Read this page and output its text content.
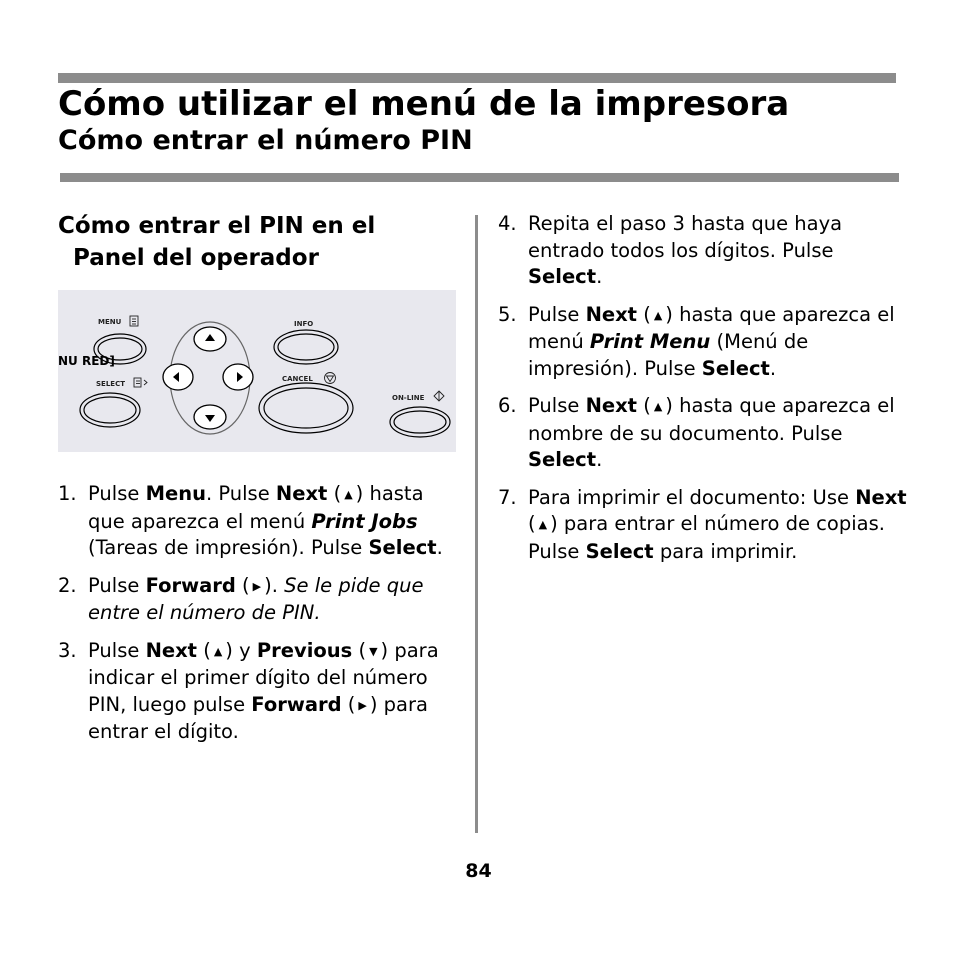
Cómo utilizar el menú de la impresora
Cómo entrar el número PIN
Cómo entrar el PIN en el
Panel del operador
MENU	INFO
SELECT
CANCEL
ON-LINE
NU RED]
1. Pulse Menu. Pulse Next ( ▲ ) hasta que aparezca el menú Print Jobs (Tareas de impresión). Pulse Select.
2. Pulse Forward ( ▶ ). Se le pide que entre el número de PIN.
3. Pulse Next ( ▲ ) y Previous ( ▼ ) para indicar el primer dígito del número PIN, luego pulse Forward ( ▶ ) para entrar el dígito.
4. Repita el paso 3 hasta que haya entrado todos los dígitos. Pulse Select.
5. Pulse Next ( ▲ ) hasta que aparezca el menú Print Menu (Menú de impresión). Pulse Select.
6. Pulse Next ( ▲ ) hasta que aparezca el nombre de su documento. Pulse Select.
7. Para imprimir el documento: Use Next ( ▲ ) para entrar el número de copias. Pulse Select para imprimir.
84
